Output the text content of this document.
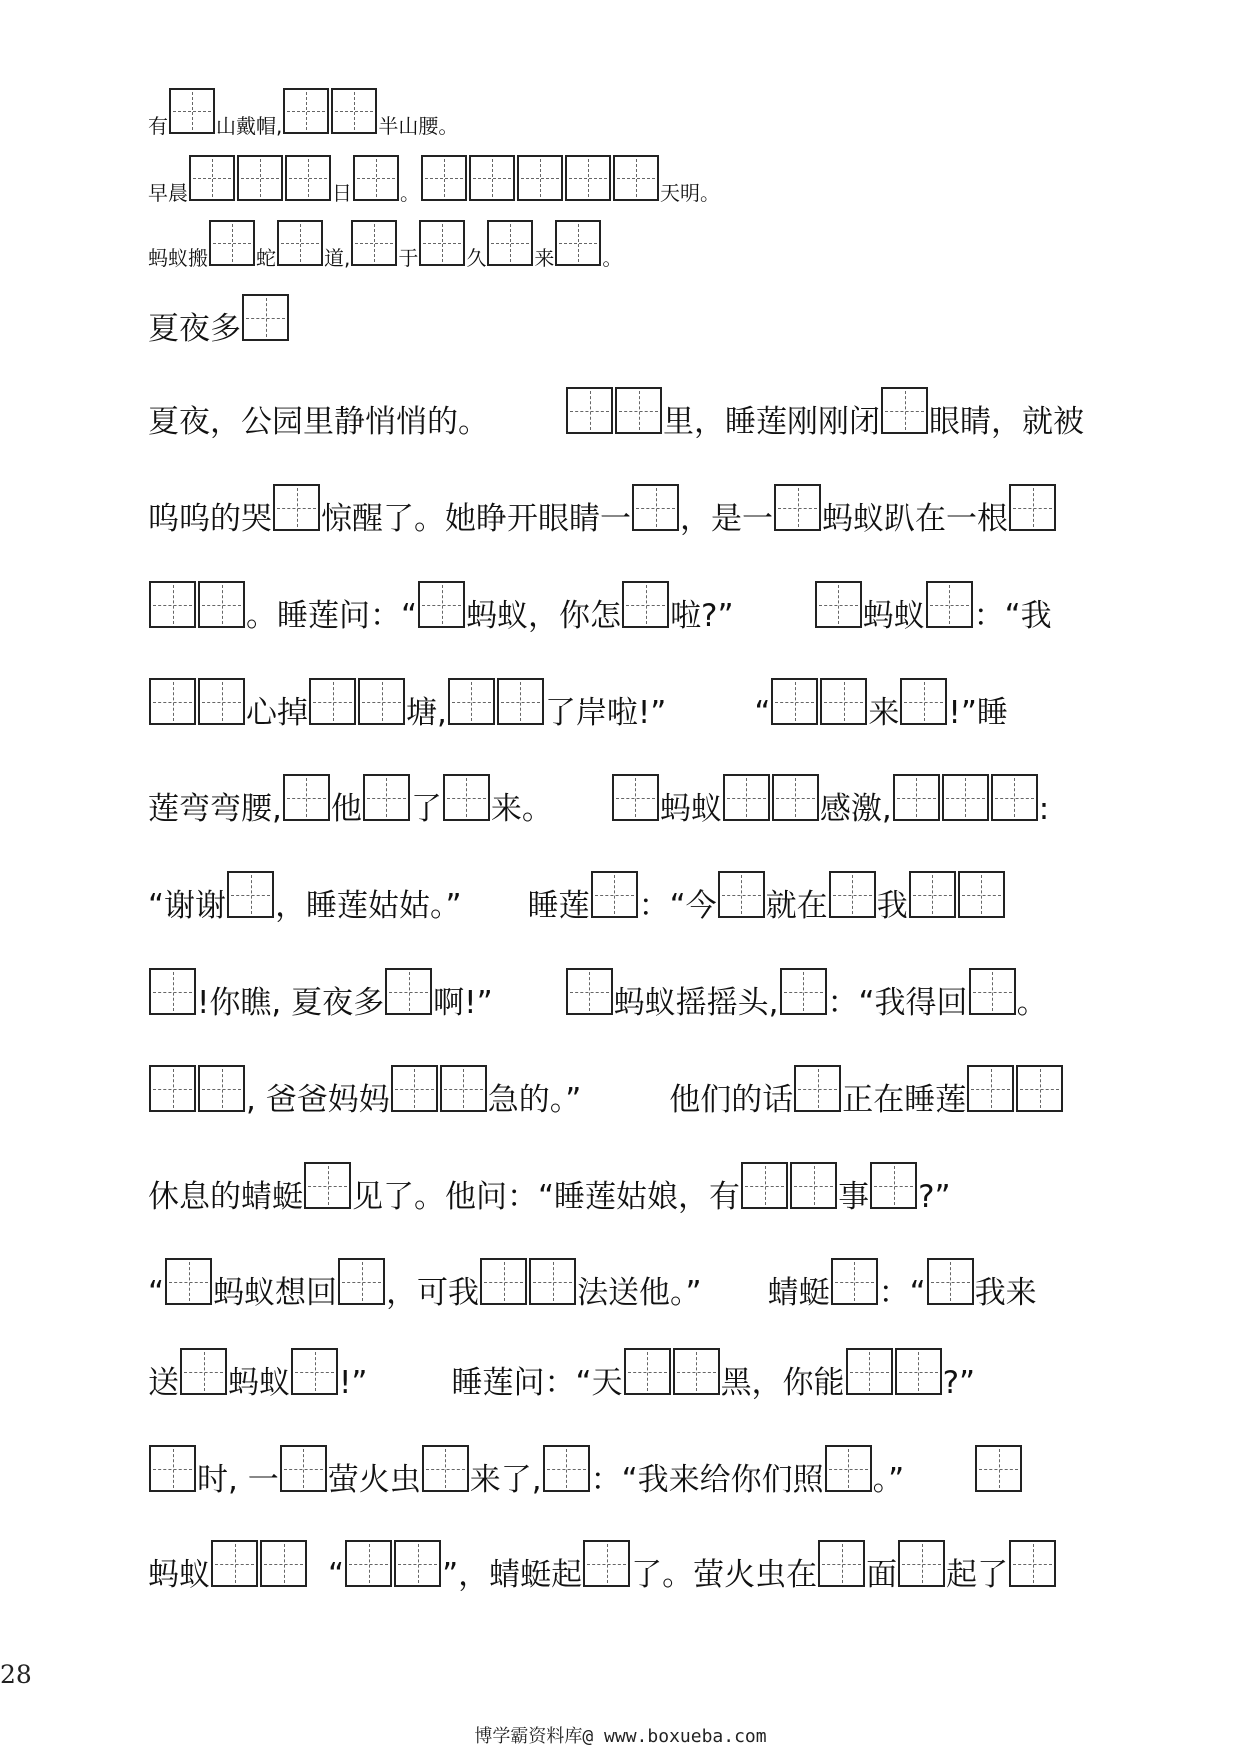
有 山戴帽,	半山腰。
早晨	日 。	天明。
蚂蚁搬 蛇 道, 于 久 来 。
夏夜多
夏夜，公园里静悄悄的。	里，睡莲刚刚闭 眼睛，就被
呜呜的哭 惊醒了。她睁开眼睛一 ，是一 蚂蚁趴在一根
。睡莲问：“ 蚂蚁，你怎 啦?”	蚂蚁 ：“我
心掉	塘,	了岸啦!”	“	来 !”睡
莲弯弯腰, 他 了 来。	蚂蚁	感激,	:
“谢谢 ，睡莲姑姑。” 睡莲 ：“今 就在 我
!你瞧, 夏夜多 啊!”	蚂蚁摇摇头, ：“我得回 。
, 爸爸妈妈	急的。”	他们的话 正在睡莲
休息的蜻蜓 见了。他问：“睡莲姑娘，有	事 ?”
“ 蚂蚁想回 ，可我	法送他。” 蜻蜓 ：“ 我来
送 蚂蚁 !”	睡莲问：“天	黑，你能	?”
时, 一 萤火虫 来了, ：“我来给你们照 。”
蚂蚁	“	”，蜻蜓起 了。萤火虫在 面 起了
28
博学霸资料库@ www.boxueba.com
